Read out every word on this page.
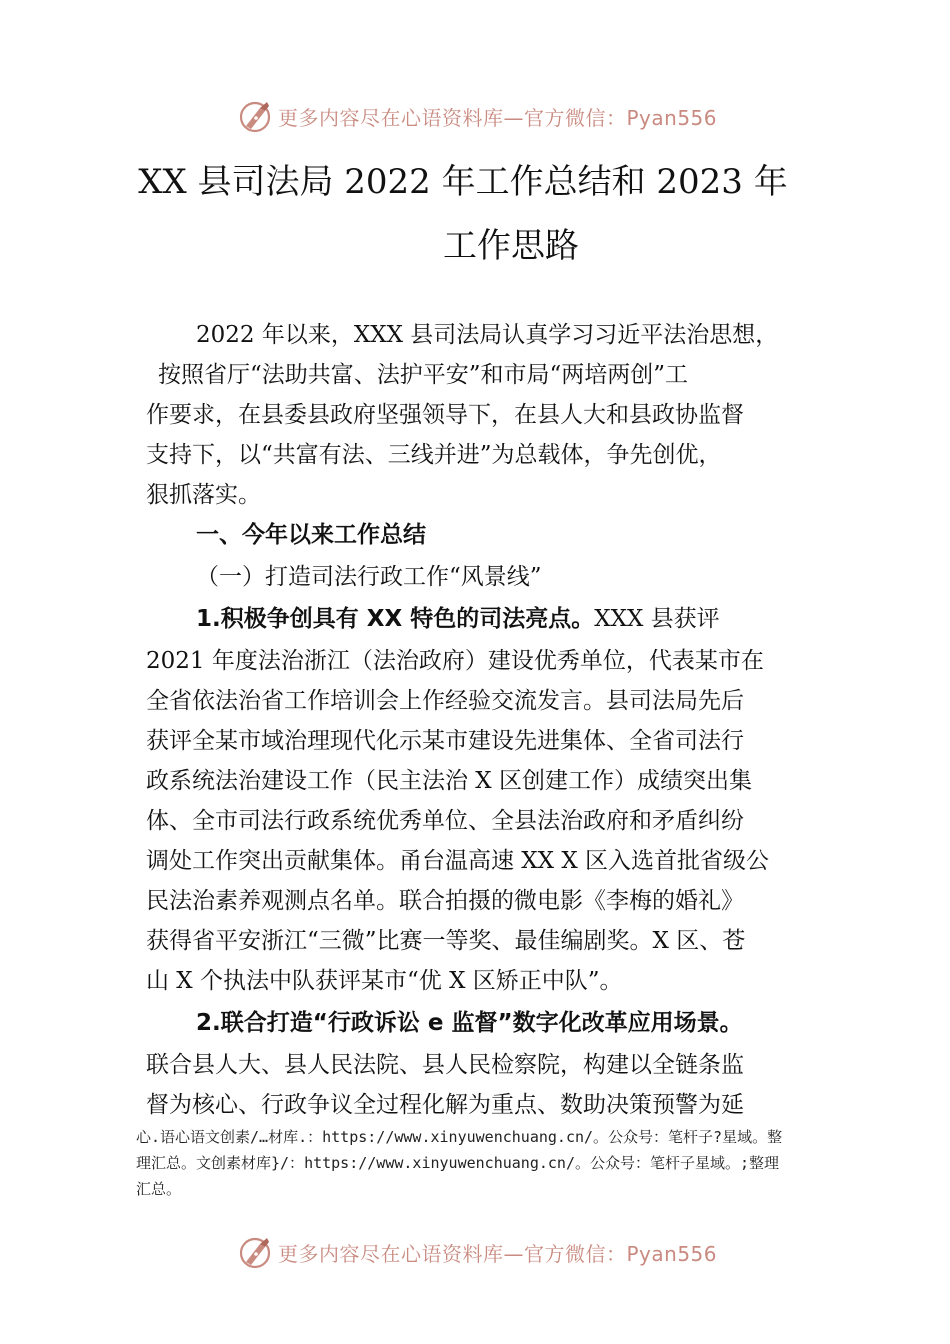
更多内容尽在心语资料库—官方微信：Pyan556
XX 县司法局 2022 年工作总结和 2023 年
工作思路
2022 年以来，XXX 县司法局认真学习习近平法治思想，
按照省厅“法助共富、法护平安”和市局“两培两创”工
作要求，在县委县政府坚强领导下，在县人大和县政协监督
支持下，以“共富有法、三线并进”为总载体，争先创优，
狠抓落实。
一、今年以来工作总结
（一）打造司法行政工作“风景线”
1.积极争创具有 XX 特色的司法亮点。XXX 县获评
2021 年度法治浙江（法治政府）建设优秀单位，代表某市在
全省依法治省工作培训会上作经验交流发言。县司法局先后
获评全某市域治理现代化示某市建设先进集体、全省司法行
政系统法治建设工作（民主法治 X 区创建工作）成绩突出集
体、全市司法行政系统优秀单位、全县法治政府和矛盾纠纷
调处工作突出贡献集体。甬台温高速 XX X 区入选首批省级公
民法治素养观测点名单。联合拍摄的微电影《李梅的婚礼》
获得省平安浙江“三微”比赛一等奖、最佳编剧奖。X 区、苍
山 X 个执法中队获评某市“优 X 区矫正中队”。
2.联合打造“行政诉讼 e 监督”数字化改革应用场景。
联合县人大、县人民法院、县人民检察院，构建以全链条监
督为核心、行政争议全过程化解为重点、数助决策预警为延
心.语心语文创素/…材库.：https://www.xinyuwenchuang.cn/。公众号：笔杆子?星域。整
理汇总。文创素材库}/：https://www.xinyuwenchuang.cn/。公众号：笔杆子星域。;整理
汇总。
更多内容尽在心语资料库—官方微信：Pyan556
